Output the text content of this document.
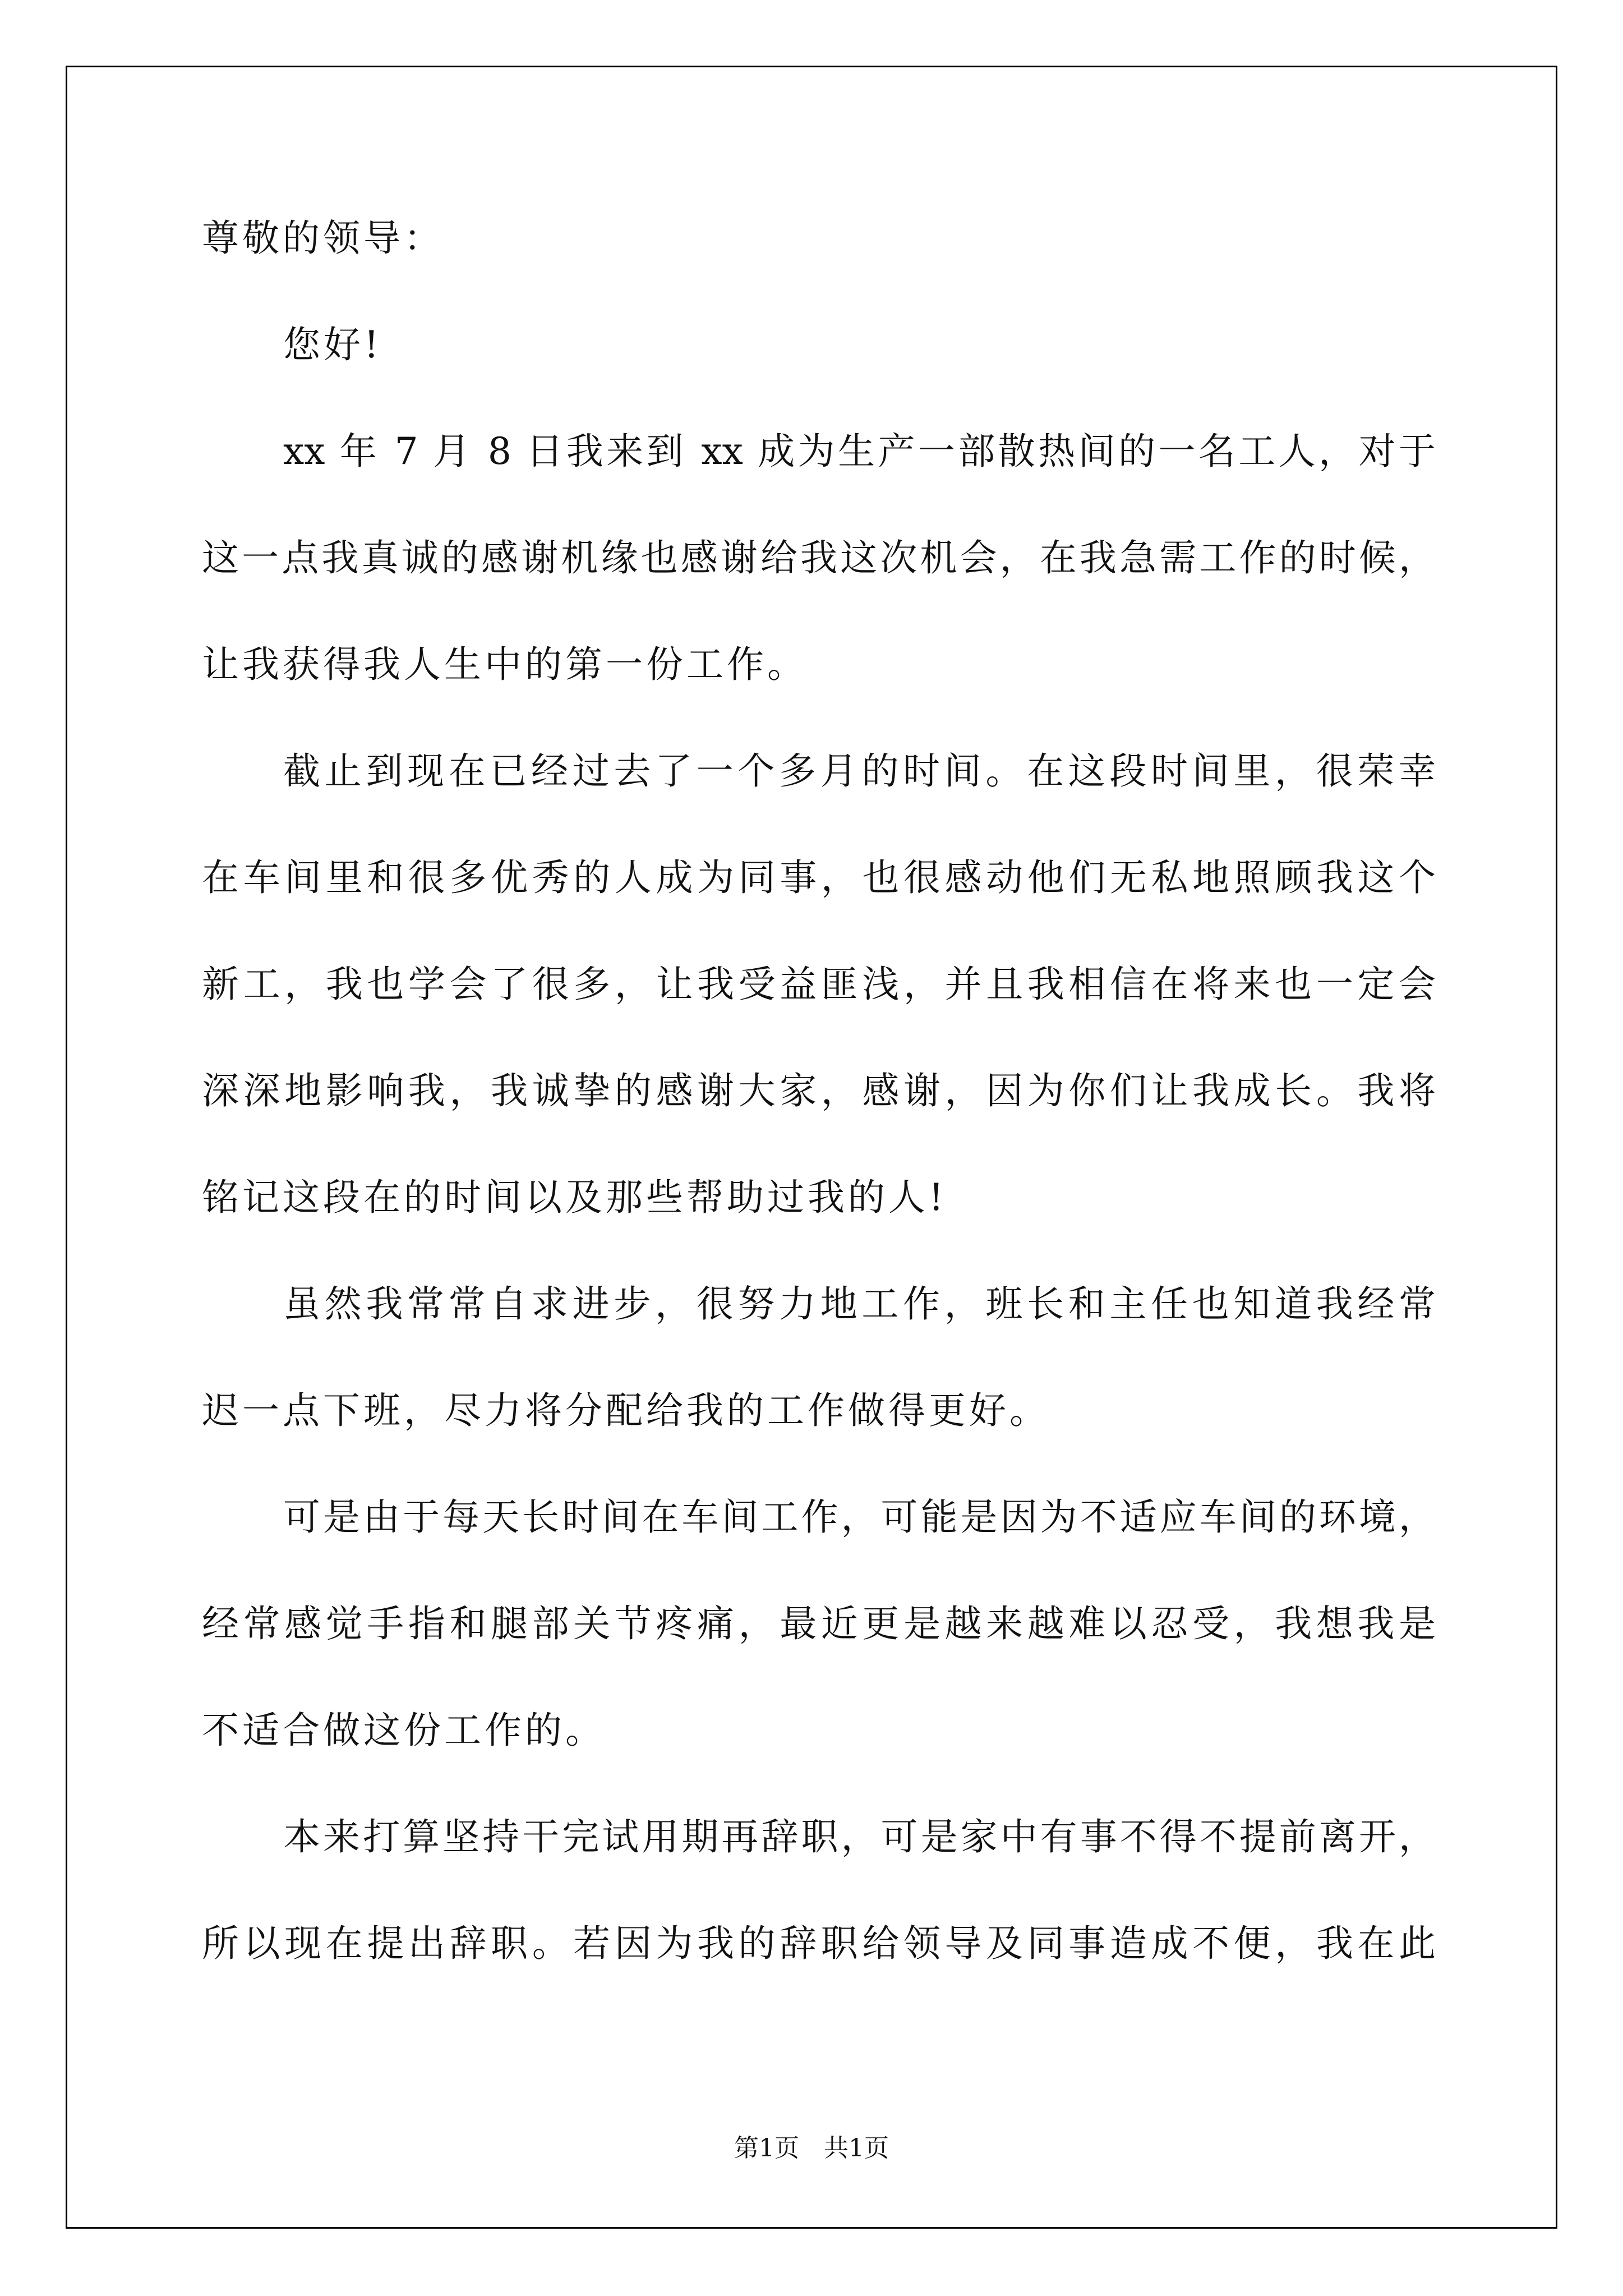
尊敬的领导：
您好!
xx 年 7 月 8 日我来到 xx 成为生产一部散热间的一名工人，对于
这一点我真诚的感谢机缘也感谢给我这次机会，在我急需工作的时候，
让我获得我人生中的第一份工作。
截止到现在已经过去了一个多月的时间。在这段时间里，很荣幸
在车间里和很多优秀的人成为同事，也很感动他们无私地照顾我这个
新工，我也学会了很多，让我受益匪浅，并且我相信在将来也一定会
深深地影响我，我诚挚的感谢大家，感谢，因为你们让我成长。我将
铭记这段在的时间以及那些帮助过我的人!
虽然我常常自求进步，很努力地工作，班长和主任也知道我经常
迟一点下班，尽力将分配给我的工作做得更好。
可是由于每天长时间在车间工作，可能是因为不适应车间的环境，
经常感觉手指和腿部关节疼痛，最近更是越来越难以忍受，我想我是
不适合做这份工作的。
本来打算坚持干完试用期再辞职，可是家中有事不得不提前离开，
所以现在提出辞职。若因为我的辞职给领导及同事造成不便，我在此
第1页　共1页
